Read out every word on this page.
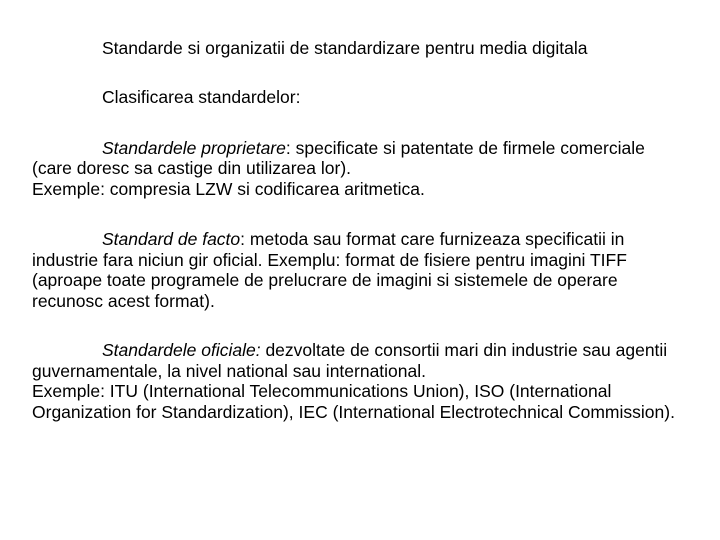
Standarde si organizatii de standardizare pentru media digitala

Clasificarea standardelor:

Standardele proprietare: specificate si patentate de firmele comerciale (care doresc sa castige din utilizarea lor).
Exemple: compresia LZW si codificarea aritmetica.

Standard de facto: metoda sau format care furnizeaza specificatii in industrie fara niciun gir oficial. Exemplu: format de fisiere pentru imagini TIFF (aproape toate programele de prelucrare de imagini si sistemele de operare recunosc acest format).

Standardele oficiale: dezvoltate de consortii mari din industrie sau agentii guvernamentale, la nivel national sau international.
Exemple: ITU (International Telecommunications Union), ISO (International Organization for Standardization), IEC (International Electrotechnical Commission).
